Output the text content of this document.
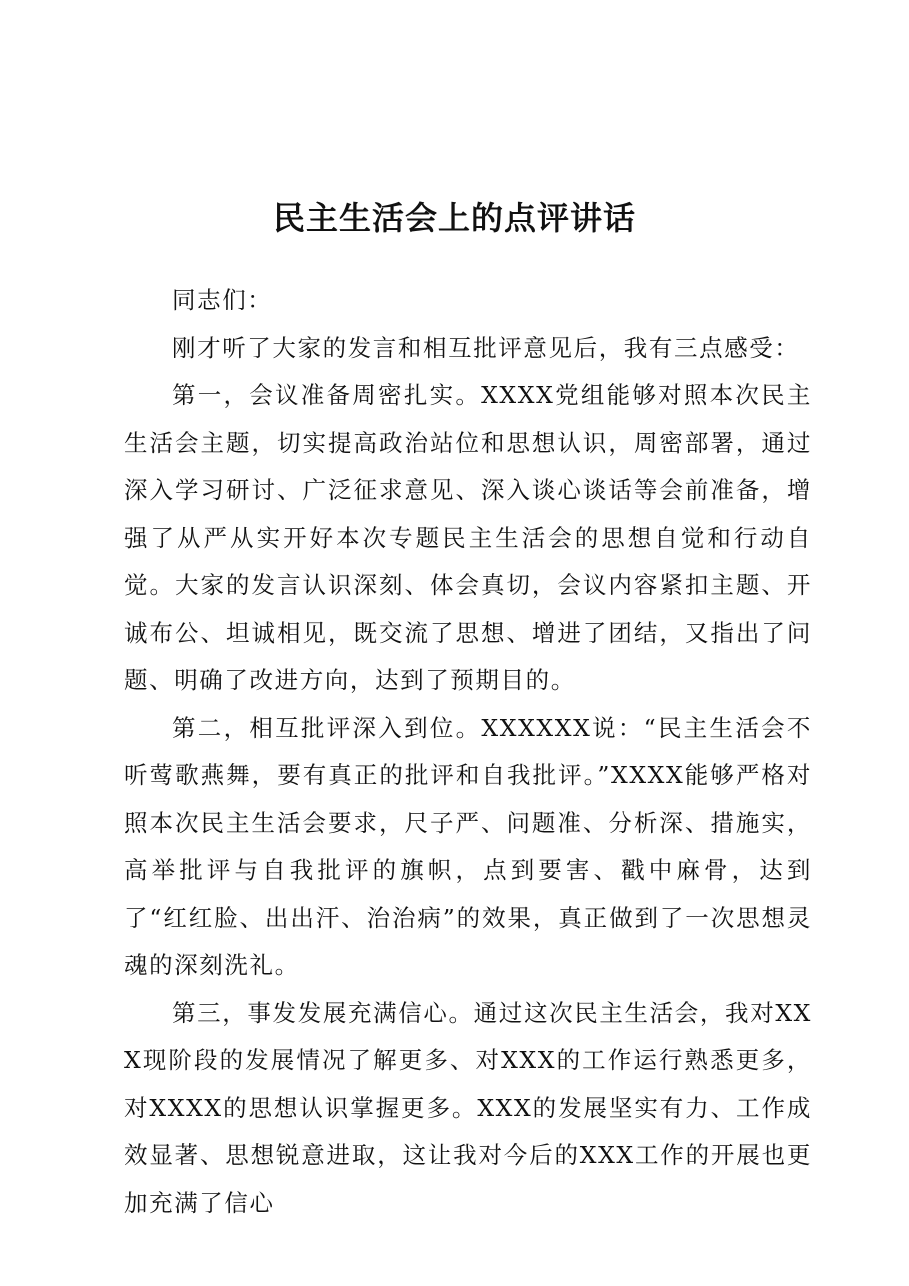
民主生活会上的点评讲话

同志们：

刚才听了大家的发言和相互批评意见后，我有三点感受：

第一，会议准备周密扎实。XXXX党组能够对照本次民主生活会主题，切实提高政治站位和思想认识，周密部署，通过深入学习研讨、广泛征求意见、深入谈心谈话等会前准备，增强了从严从实开好本次专题民主生活会的思想自觉和行动自觉。大家的发言认识深刻、体会真切，会议内容紧扣主题、开诚布公、坦诚相见，既交流了思想、增进了团结，又指出了问题、明确了改进方向，达到了预期目的。

第二，相互批评深入到位。XXXXXX说：“民主生活会不听莺歌燕舞，要有真正的批评和自我批评。”XXXX能够严格对照本次民主生活会要求，尺子严、问题准、分析深、措施实，高举批评与自我批评的旗帜，点到要害、戳中麻骨，达到了“红红脸、出出汗、治治病”的效果，真正做到了一次思想灵魂的深刻洗礼。

第三，事发发展充满信心。通过这次民主生活会，我对XXX现阶段的发展情况了解更多、对XXX的工作运行熟悉更多，对XXXX的思想认识掌握更多。XXX的发展坚实有力、工作成效显著、思想锐意进取，这让我对今后的XXX工作的开展也更加充满了信心
